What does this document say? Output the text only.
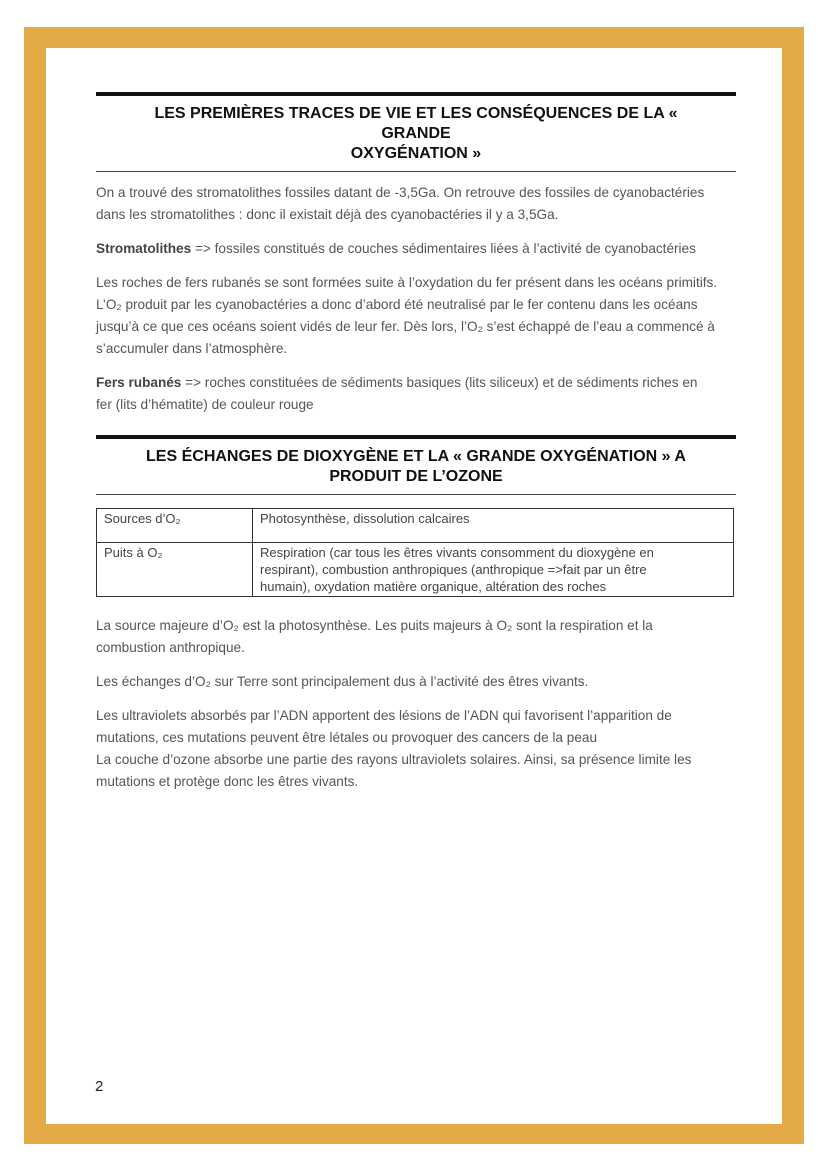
LES PREMIÈRES TRACES DE VIE ET LES CONSÉQUENCES DE LA « GRANDE
OXYGÉNATION »

On a trouvé des stromatolithes fossiles datant de -3,5Ga. On retrouve des fossiles de cyanobactéries
dans les stromatolithes : donc il existait déjà des cyanobactéries il y a 3,5Ga.

Stromatolithes => fossiles constitués de couches sédimentaires liées à l’activité de cyanobactéries

Les roches de fers rubanés se sont formées suite à l’oxydation du fer présent dans les océans primitifs.
L’O₂ produit par les cyanobactéries a donc d’abord été neutralisé par le fer contenu dans les océans
jusqu’à ce que ces océans soient vidés de leur fer. Dès lors, l’O₂ s’est échappé de l’eau a commencé à
s’accumuler dans l’atmosphère.

Fers rubanés => roches constituées de sédiments basiques (lits siliceux) et de sédiments riches en
fer (lits d’hématite) de couleur rouge

LES ÉCHANGES DE DIOXYGÈNE ET LA « GRANDE OXYGÉNATION » A
PRODUIT DE L’OZONE
Sources d’O₂	Photosynthèse, dissolution calcaires
Puits à O₂	Respiration (car tous les êtres vivants consomment du dioxygène en
respirant), combustion anthropiques (anthropique =>fait par un être
humain), oxydation matière organique, altération des roches

La source majeure d’O₂ est la photosynthèse. Les puits majeurs à O₂ sont la respiration et la
combustion anthropique.

Les échanges d’O₂ sur Terre sont principalement dus à l’activité des êtres vivants.

Les ultraviolets absorbés par l’ADN apportent des lésions de l’ADN qui favorisent l’apparition de
mutations, ces mutations peuvent être létales ou provoquer des cancers de la peau
La couche d’ozone absorbe une partie des rayons ultraviolets solaires. Ainsi, sa présence limite les
mutations et protège donc les êtres vivants.

2
